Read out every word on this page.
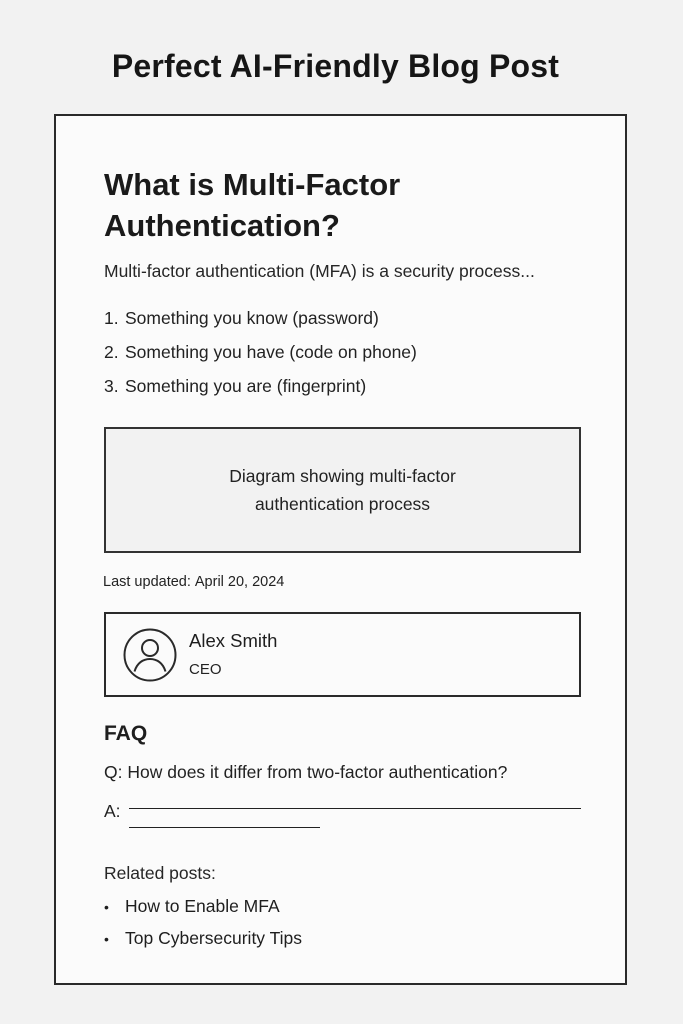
Perfect AI-Friendly Blog Post
What is Multi-Factor Authentication?

Multi-factor authentication (MFA) is a security process...

1. Something you know (password)
2. Something you have (code on phone)
3. Something you are (fingerprint)
Diagram showing multi-factor authentication process
Last updated: April 20, 2024
Alex Smith
CEO
FAQ
Q: How does it differ from two-factor authentication?
A:
Related posts:
• How to Enable MFA
• Top Cybersecurity Tips
